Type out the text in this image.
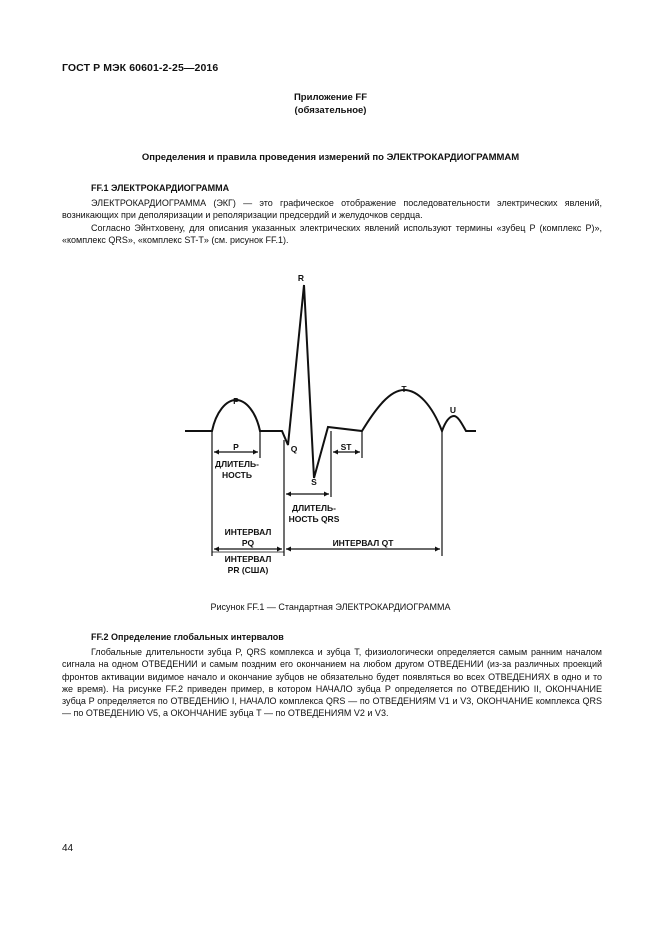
ГОСТ Р МЭК 60601-2-25—2016
Приложение FF
(обязательное)
Определения и правила проведения измерений по ЭЛЕКТРОКАРДИОГРАММАМ
FF.1 ЭЛЕКТРОКАРДИОГРАММА
ЭЛЕКТРОКАРДИОГРАММА (ЭКГ) — это графическое отображение последовательности электрических явлений, возникающих при деполяризации и реполяризации предсердий и желудочков сердца.
Согласно Эйнтховену, для описания указанных электрических явлений используют термины «зубец P (комплекс P)», «комплекс QRS», «комплекс ST-T» (см. рисунок FF.1).
R
P
T
U
Q
S
P	ST
ДЛИТЕЛЬ-
НОСТЬ
ДЛИТЕЛЬ-
НОСТЬ QRS
ИНТЕРВАЛ
PQ	ИНТЕРВАЛ QT
ИНТЕРВАЛ
PR (США)
Рисунок FF.1 — Стандартная ЭЛЕКТРОКАРДИОГРАММА
FF.2 Определение глобальных интервалов
Глобальные длительности зубца P, QRS комплекса и зубца T, физиологически определяется самым ранним началом сигнала на одном ОТВЕДЕНИИ и самым поздним его окончанием на любом другом ОТВЕДЕНИИ (из-за различных проекций фронтов активации видимое начало и окончание зубцов не обязательно будет появляться во всех ОТВЕДЕНИЯХ в одно и то же время). На рисунке FF.2 приведен пример, в котором НАЧАЛО зубца P определяется по ОТВЕДЕНИЮ II, ОКОНЧАНИЕ зубца P определяется по ОТВЕДЕНИЮ I, НАЧАЛО комплекса QRS — по ОТВЕДЕНИЯМ V1 и V3, ОКОНЧАНИЕ комплекса QRS — по ОТВЕДЕНИЮ V5, а ОКОНЧАНИЕ зубца T — по ОТВЕДЕНИЯМ V2 и V3.
44
